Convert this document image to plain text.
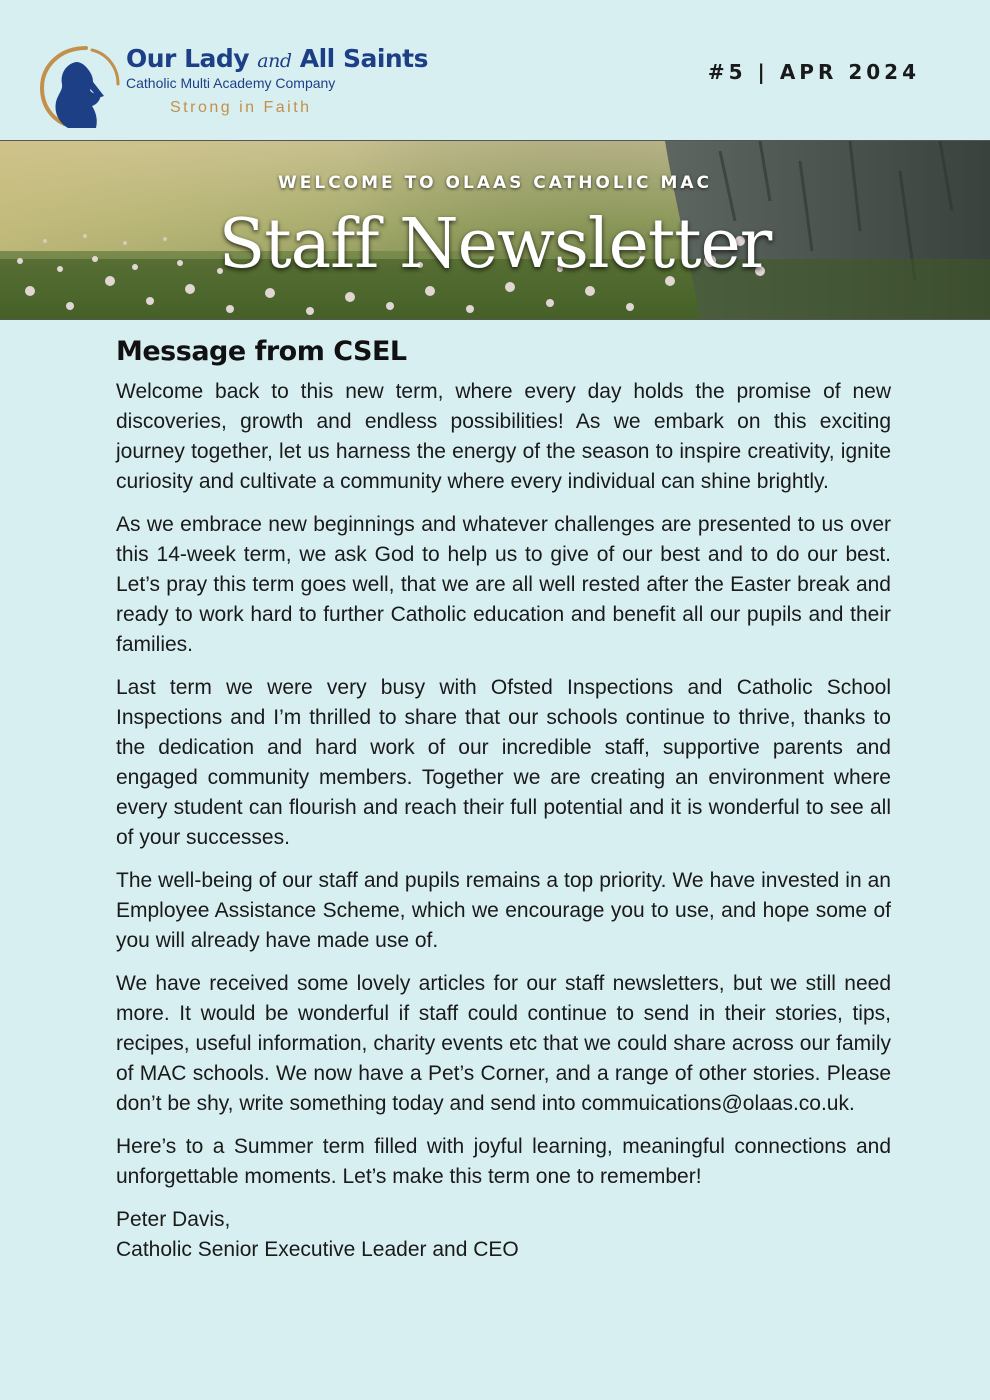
Our Lady and All Saints
Catholic Multi Academy Company
Strong in Faith
#5 | APR 2024
WELCOME TO OLAAS CATHOLIC MAC
Staff Newsletter
Message from CSEL

Welcome back to this new term, where every day holds the promise of new discoveries, growth and endless possibilities! As we embark on this exciting journey together, let us harness the energy of the season to inspire creativity, ignite curiosity and cultivate a community where every individual can shine brightly.

As we embrace new beginnings and whatever challenges are presented to us over this 14-week term, we ask God to help us to give of our best and to do our best. Let’s pray this term goes well, that we are all well rested after the Easter break and ready to work hard to further Catholic education and benefit all our pupils and their families.

Last term we were very busy with Ofsted Inspections and Catholic School Inspections and I’m thrilled to share that our schools continue to thrive, thanks to the dedication and hard work of our incredible staff, supportive parents and engaged community members. Together we are creating an environment where every student can flourish and reach their full potential and it is wonderful to see all of your successes.

The well-being of our staff and pupils remains a top priority. We have invested in an Employee Assistance Scheme, which we encourage you to use, and hope some of you will already have made use of.

We have received some lovely articles for our staff newsletters, but we still need more. It would be wonderful if staff could continue to send in their stories, tips, recipes, useful information, charity events etc that we could share across our family of MAC schools. We now have a Pet’s Corner, and a range of other stories. Please don’t be shy, write something today and send into commuications@olaas.co.uk.

Here’s to a Summer term filled with joyful learning, meaningful connections and unforgettable moments. Let’s make this term one to remember!

Peter Davis,

Catholic Senior Executive Leader and CEO
